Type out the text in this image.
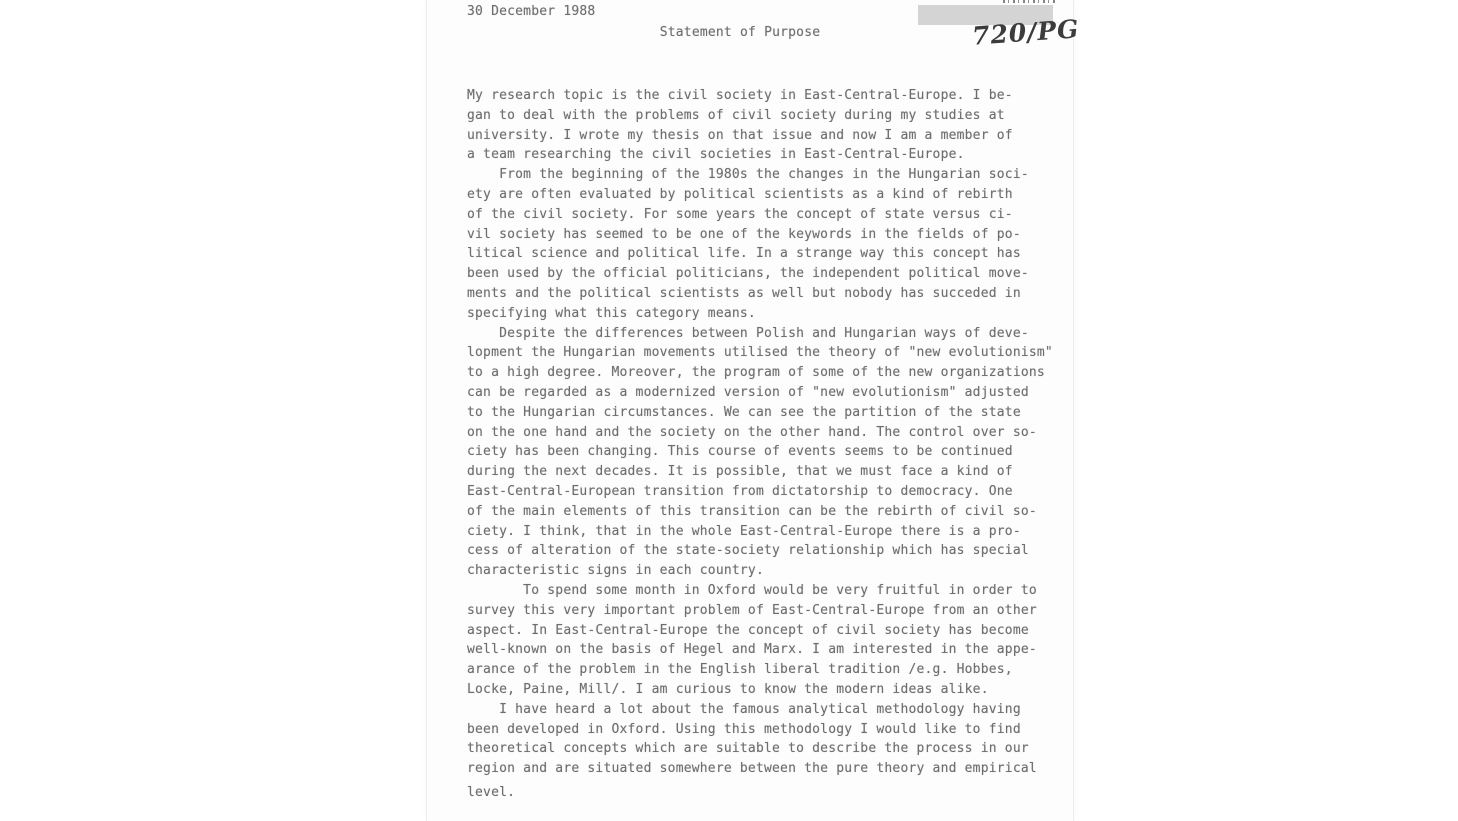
30 December 1988
Statement of Purpose	720/PG
My research topic is the civil society in East-Central-Europe. I be-
gan to deal with the problems of civil society during my studies at
university. I wrote my thesis on that issue and now I am a member of
a team researching the civil societies in East-Central-Europe.
From the beginning of the 1980s the changes in the Hungarian soci-
ety are often evaluated by political scientists as a kind of rebirth
of the civil society. For some years the concept of state versus ci-
vil society has seemed to be one of the keywords in the fields of po-
litical science and political life. In a strange way this concept has
been used by the official politicians, the independent political move-
ments and the political scientists as well but nobody has succeded in
specifying what this category means.
Despite the differences between Polish and Hungarian ways of deve-
lopment the Hungarian movements utilised the theory of "new evolutionism"
to a high degree. Moreover, the program of some of the new organizations
can be regarded as a modernized version of "new evolutionism" adjusted
to the Hungarian circumstances. We can see the partition of the state
on the one hand and the society on the other hand. The control over so-
ciety has been changing. This course of events seems to be continued
during the next decades. It is possible, that we must face a kind of
East-Central-European transition from dictatorship to democracy. One
of the main elements of this transition can be the rebirth of civil so-
ciety. I think, that in the whole East-Central-Europe there is a pro-
cess of alteration of the state-society relationship which has special
characteristic signs in each country.
To spend some month in Oxford would be very fruitful in order to
survey this very important problem of East-Central-Europe from an other
aspect. In East-Central-Europe the concept of civil society has become
well-known on the basis of Hegel and Marx. I am interested in the appe-
arance of the problem in the English liberal tradition /e.g. Hobbes,
Locke, Paine, Mill/. I am curious to know the modern ideas alike.
I have heard a lot about the famous analytical methodology having
been developed in Oxford. Using this methodology I would like to find
theoretical concepts which are suitable to describe the process in our
region and are situated somewhere between the pure theory and empirical
level.
